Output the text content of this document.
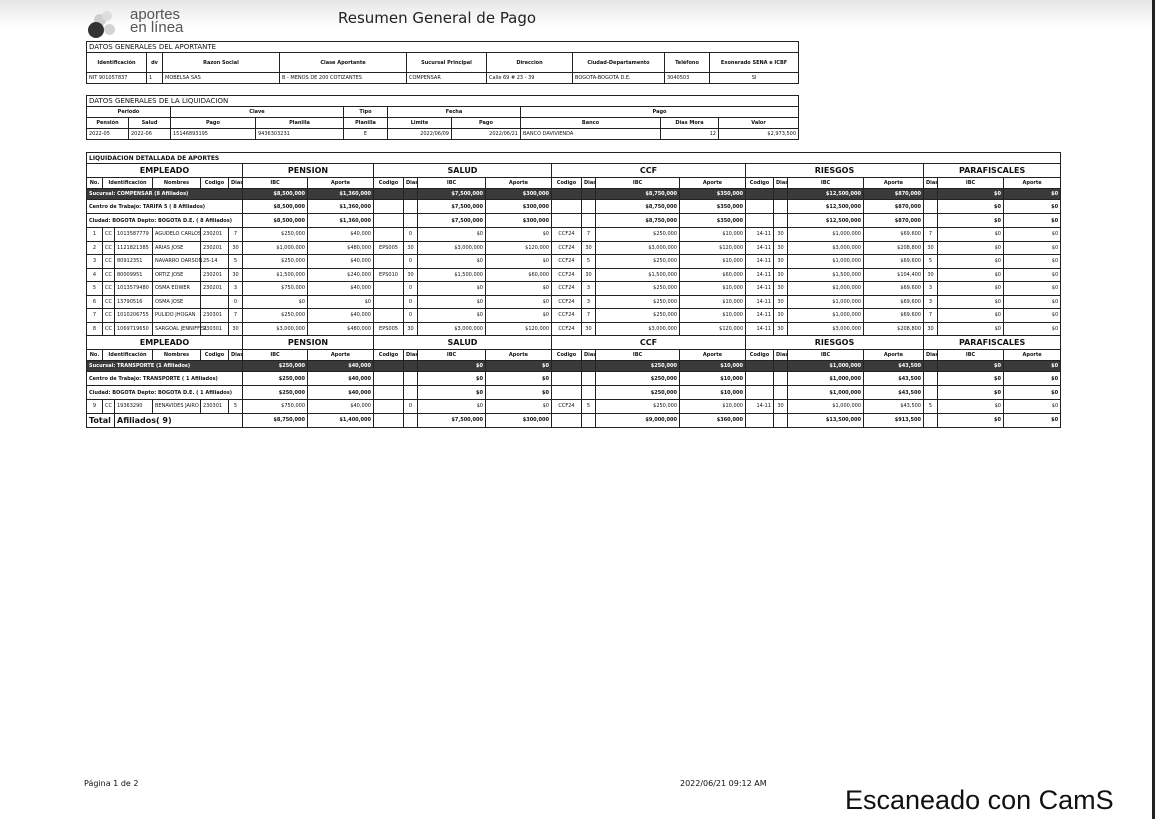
aportes
en línea
Resumen General de Pago
DATOS GENERALES DEL APORTANTE								
Identificación	dv	Razon Social	Clase Aportante	Sucursal Principal	Direccion	Ciudad-Departamento	Teléfono	Exonerado SENA e ICBF
NIT 901057837	1	MOBELSA SAS	B - MENOS DE 200 COTIZANTES	COMPENSAR	Calle 69 # 23 - 39	BOGOTA-BOGOTA D.E.	3040503	SI
DATOS GENERALES DE LA LIQUIDACION									
Periodo		Clave		Tipo	Fecha		Pago		
Pensión	Salud	Pago	Planilla	Planilla	Limite	Pago	Banco	Dias Mora	Valor
2022-05	2022-06	15146893195	9436303231	E	2022/06/09	2022/06/21	BANCO DAVIVIENDA	12	$2,973,500
LIQUIDACION DETALLADA DE APORTES																						
EMPLEADO						PENSION		SALUD				CCF				RIESGOS				PARAFISCALES		
No.	Identificación		Nombres	Codigo	Dias	IBC	Aporte	Codigo	Dias	IBC	Aporte	Codigo	Dias	IBC	Aporte	Codigo	Dias	IBC	Aporte	Dias	IBC	Aporte
Sucursal: COMPENSAR (8 Afiliados)						$8,500,000	$1,360,000			$7,500,000	$300,000			$8,750,000	$350,000			$12,500,000	$870,000		$0	$0
Centro de Trabajo: TARIFA 5 ( 8 Afiliados)						$8,500,000	$1,360,000			$7,500,000	$300,000			$8,750,000	$350,000			$12,500,000	$870,000		$0	$0
Ciudad: BOGOTA Depto: BOGOTA D.E. ( 8 Afiliados)						$8,500,000	$1,360,000			$7,500,000	$300,000			$8,750,000	$350,000			$12,500,000	$870,000		$0	$0
1	CC	1013587779	AGUDELO CARLOS	230201	7	$250,000	$40,000		0	$0	$0	CCF24	7	$250,000	$10,000	14-11	30	$1,000,000	$69,600	7	$0	$0
2	CC	1121821385	ARIAS JOSE	230201	30	$1,000,000	$480,000	EPS005	30	$3,000,000	$120,000	CCF24	30	$3,000,000	$120,000	14-11	30	$3,000,000	$208,800	30	$0	$0
3	CC	80912351	NAVARRO DARSON	25-14	5	$250,000	$40,000		0	$0	$0	CCF24	5	$250,000	$10,000	14-11	30	$1,000,000	$69,600	5	$0	$0
4	CC	80009951	ORTIZ JOSE	230201	30	$1,500,000	$240,000	EPS010	30	$1,500,000	$60,000	CCF24	30	$1,500,000	$60,000	14-11	30	$1,500,000	$104,400	30	$0	$0
5	CC	1013579480	OSMA EDWER	230201	3	$750,000	$40,000		0	$0	$0	CCF24	3	$250,000	$10,000	14-11	30	$1,000,000	$69,600	3	$0	$0
6	CC	13790516	OSMA JOSE		0	$0	$0		0	$0	$0	CCF24	3	$250,000	$10,000	14-11	30	$1,000,000	$69,600	3	$0	$0
7	CC	1010206755	PULIDO JHOGAN	230301	7	$250,000	$40,000		0	$0	$0	CCF24	7	$250,000	$10,000	14-11	30	$1,000,000	$69,600	7	$0	$0
8	CC	1069719650	SARGOAL JENNIFFER	230301	30	$3,000,000	$480,000	EPS005	30	$3,000,000	$120,000	CCF24	30	$3,000,000	$120,000	14-11	30	$3,000,000	$208,800	30	$0	$0
EMPLEADO						PENSION		SALUD				CCF				RIESGOS				PARAFISCALES		
No.	Identificación		Nombres	Codigo	Dias	IBC	Aporte	Codigo	Dias	IBC	Aporte	Codigo	Dias	IBC	Aporte	Codigo	Dias	IBC	Aporte	Dias	IBC	Aporte
Sucursal: TRANSPORTE (1 Afiliados)						$250,000	$40,000			$0	$0			$250,000	$10,000			$1,000,000	$43,500		$0	$0
Centro de Trabajo: TRANSPORTE ( 1 Afiliados)						$250,000	$40,000			$0	$0			$250,000	$10,000			$1,000,000	$43,500		$0	$0
Ciudad: BOGOTA Depto: BOGOTA D.E. ( 1 Afiliados)						$250,000	$40,000			$0	$0			$250,000	$10,000			$1,000,000	$43,500		$0	$0
9	CC	19363290	BENAVIDES JAIRO	230301	5	$750,000	$40,000		0	$0	$0	CCF24	5	$250,000	$10,000	14-11	30	$1,000,000	$43,500	5	$0	$0
Total		Afiliados( 9)				$8,750,000	$1,400,000			$7,500,000	$300,000			$9,000,000	$360,000			$13,500,000	$913,500		$0	$0
Página 1 de 2	2022/06/21 09:12 AM
Escaneado con CamS
